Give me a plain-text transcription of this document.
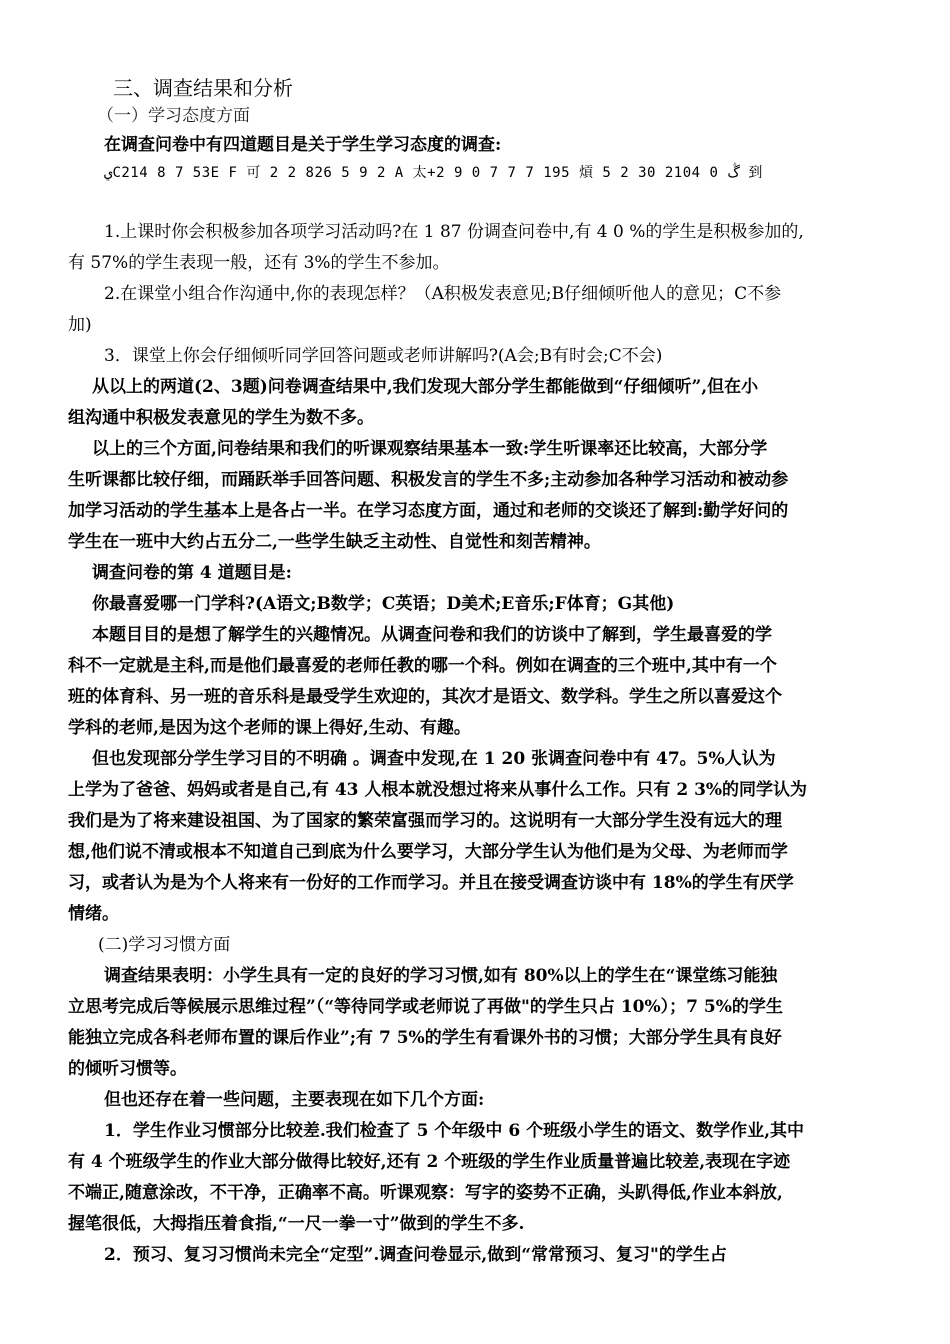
三、调查结果和分析
（一）学习态度方面
在调查问卷中有四道题目是关于学生学习态度的调查:
يC214 8 7 53E F 可 2 2 826 5 9 2 A 太+2 9 0 7 7 7 195 熕 5 2 30 2104 0 ڴ 到
1.上课时你会积极参加各项学习活动吗?在 1 87 份调查问卷中,有 4 0 %的学生是积极参加的,
有 57%的学生表现一般，还有 3%的学生不参加。
2.在课堂小组合作沟通中,你的表现怎样？（A积极发表意见;B仔细倾听他人的意见；C不参
加)
3．课堂上你会仔细倾听同学回答问题或老师讲解吗?(A会;B有时会;C不会)
从以上的两道(2、3题)问卷调查结果中,我们发现大部分学生都能做到“仔细倾听”,但在小
组沟通中积极发表意见的学生为数不多。
以上的三个方面,问卷结果和我们的听课观察结果基本一致:学生听课率还比较高，大部分学
生听课都比较仔细，而踊跃举手回答问题、积极发言的学生不多;主动参加各种学习活动和被动参
加学习活动的学生基本上是各占一半。在学习态度方面，通过和老师的交谈还了解到:勤学好问的
学生在一班中大约占五分二,一些学生缺乏主动性、自觉性和刻苦精神。
调查问卷的第 4 道题目是:
你最喜爱哪一门学科?(A语文;B数学；C英语；D美术;E音乐;F体育；G其他)
本题目目的是想了解学生的兴趣情况。从调查问卷和我们的访谈中了解到，学生最喜爱的学
科不一定就是主科,而是他们最喜爱的老师任教的哪一个科。例如在调查的三个班中,其中有一个
班的体育科、另一班的音乐科是最受学生欢迎的，其次才是语文、数学科。学生之所以喜爱这个
学科的老师,是因为这个老师的课上得好,生动、有趣。
但也发现部分学生学习目的不明确 。调查中发现,在 1 20 张调查问卷中有 47。5%人认为
上学为了爸爸、妈妈或者是自己,有 43 人根本就没想过将来从事什么工作。只有 2 3%的同学认为
我们是为了将来建设祖国、为了国家的繁荣富强而学习的。这说明有一大部分学生没有远大的理
想,他们说不清或根本不知道自己到底为什么要学习，大部分学生认为他们是为父母、为老师而学
习，或者认为是为个人将来有一份好的工作而学习。并且在接受调查访谈中有 18%的学生有厌学
情绪。
(二)学习习惯方面
调查结果表明：小学生具有一定的良好的学习习惯,如有 80%以上的学生在“课堂练习能独
立思考完成后等候展示思维过程”（“等待同学或老师说了再做"的学生只占 10%）；7 5%的学生
能独立完成各科老师布置的课后作业”;有 7 5%的学生有看课外书的习惯；大部分学生具有良好
的倾听习惯等。
但也还存在着一些问题，主要表现在如下几个方面:
1．学生作业习惯部分比较差.我们检查了 5 个年级中 6 个班级小学生的语文、数学作业,其中
有 4 个班级学生的作业大部分做得比较好,还有 2 个班级的学生作业质量普遍比较差,表现在字迹
不端正,随意涂改，不干净，正确率不高。听课观察：写字的姿势不正确，头趴得低,作业本斜放,
握笔很低，大拇指压着食指,“一尺一拳一寸”做到的学生不多.
2．预习、复习习惯尚未完全“定型”.调查问卷显示,做到“常常预习、复习"的学生占
